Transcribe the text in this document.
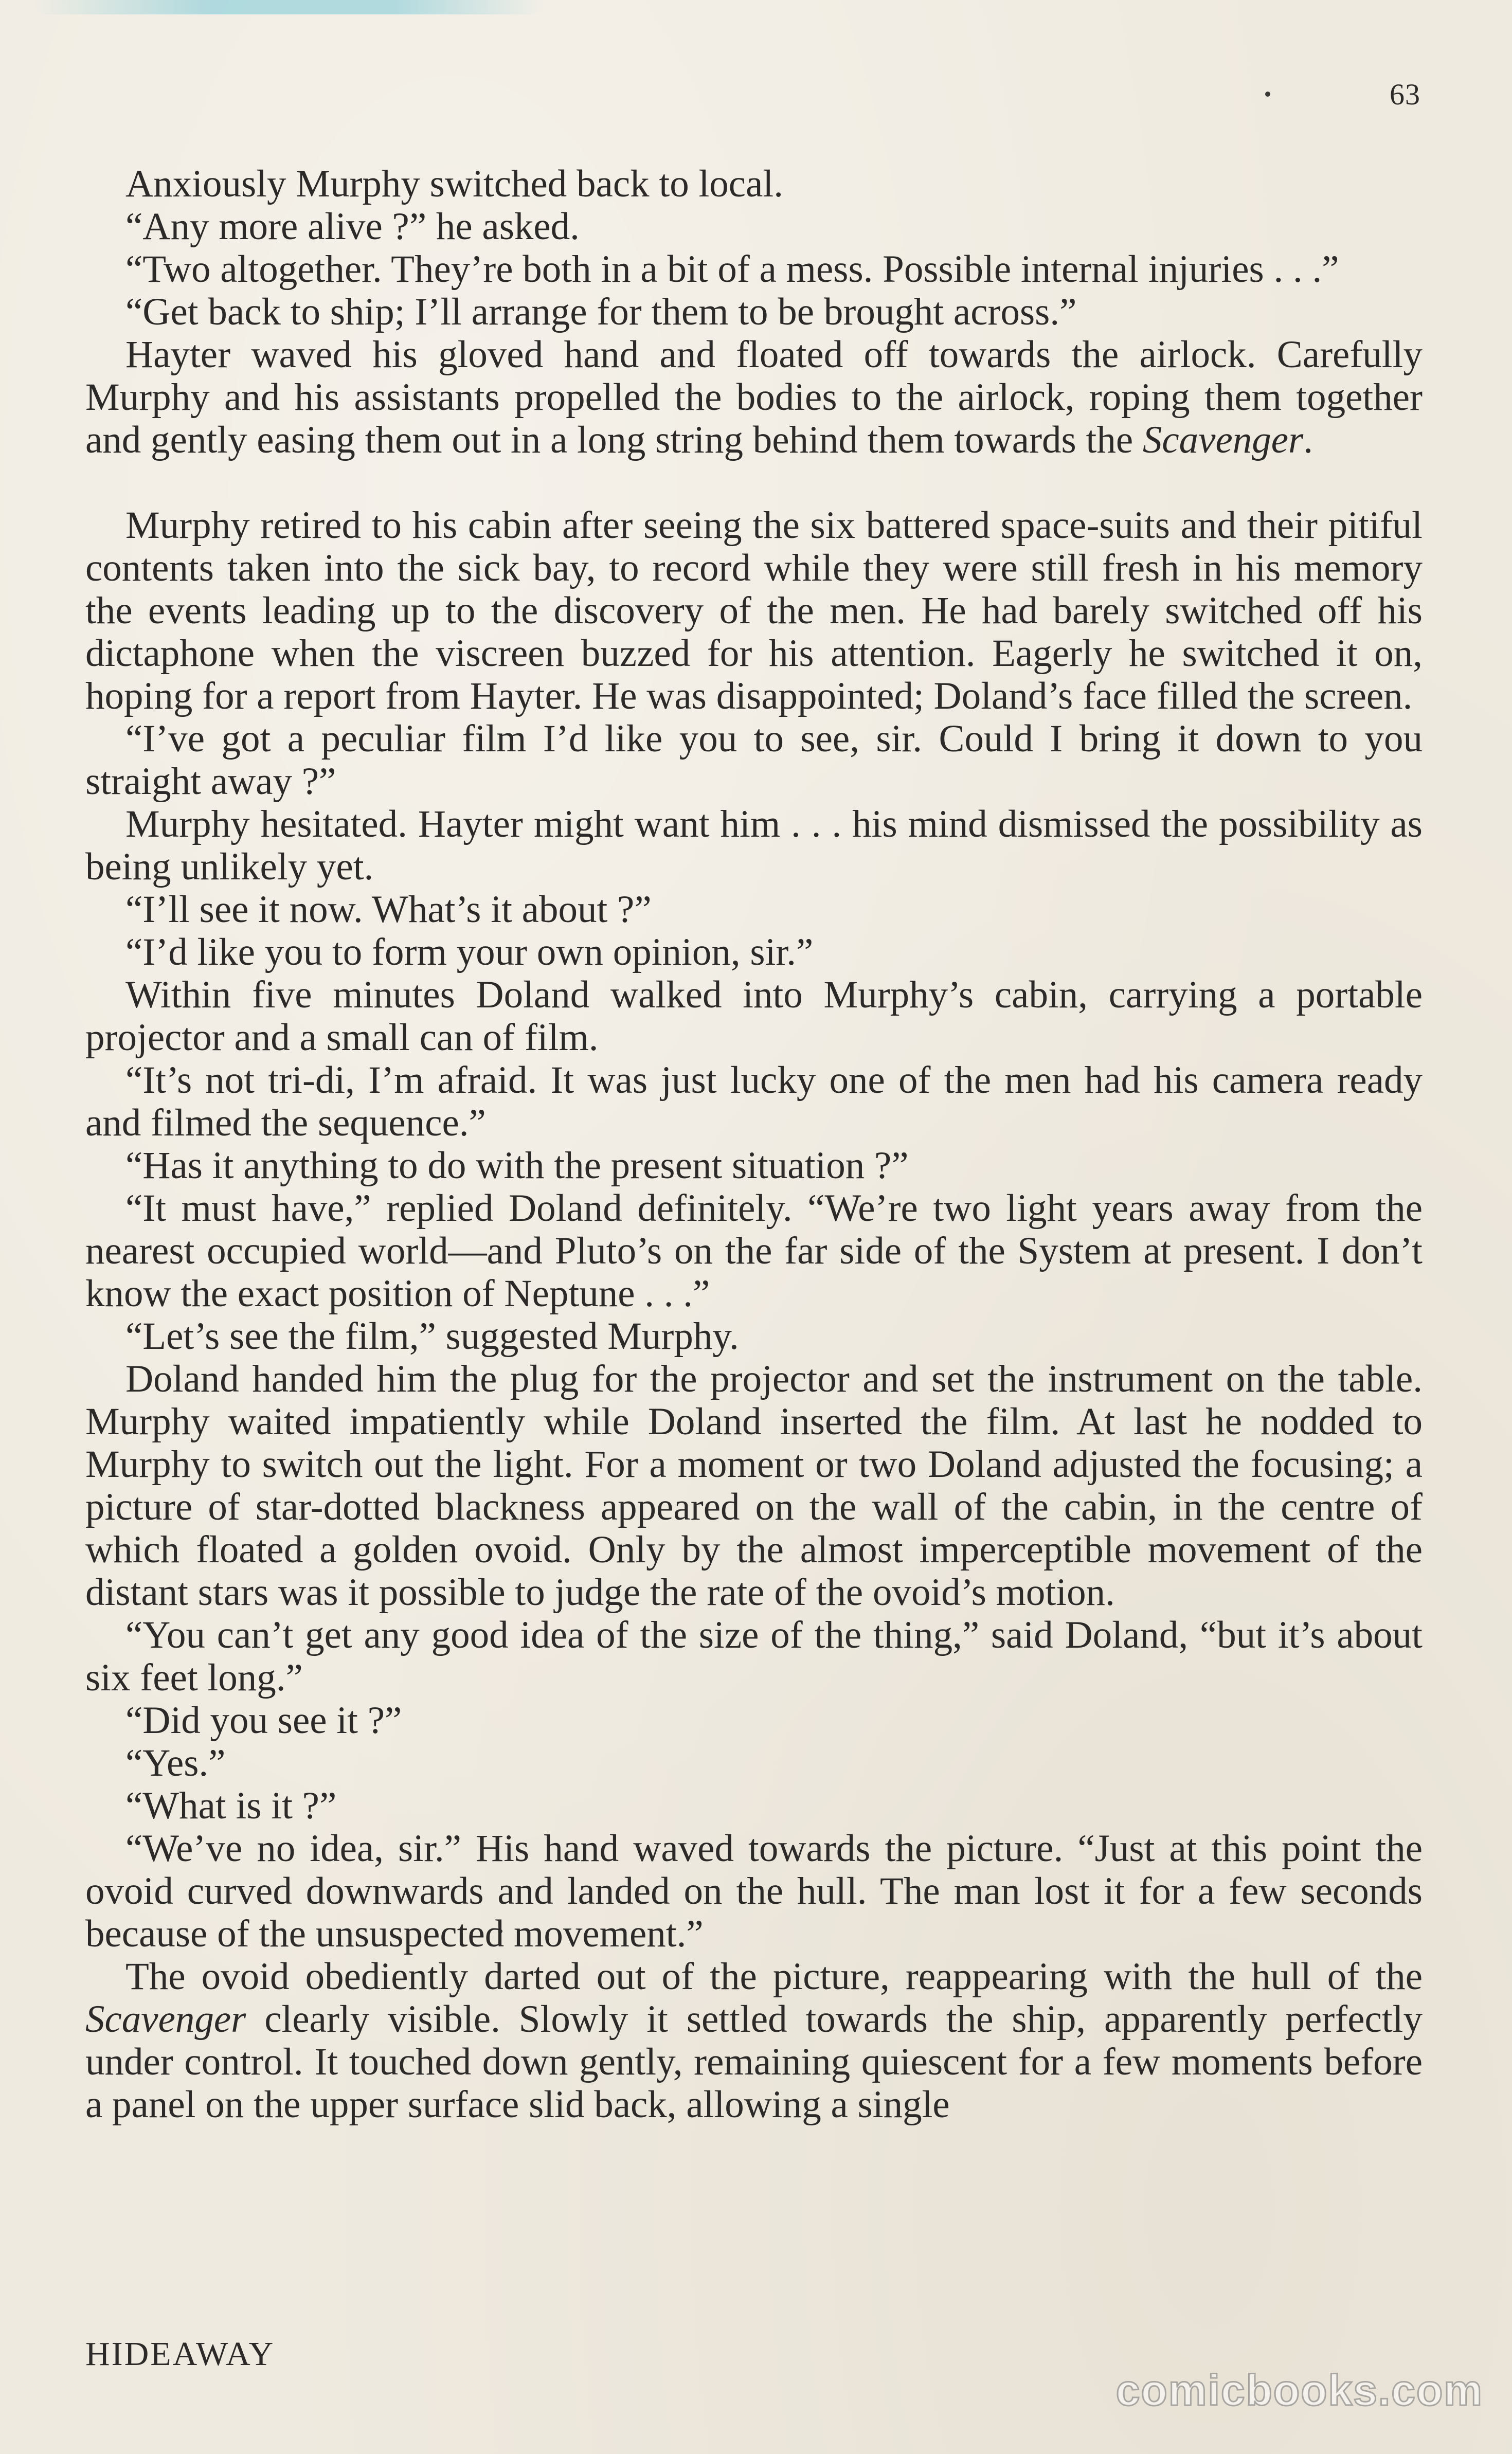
63

Anxiously Murphy switched back to local.

“Any more alive ?” he asked.

“Two altogether. They’re both in a bit of a mess. Possible internal injuries . . .”

“Get back to ship; I’ll arrange for them to be brought across.”

Hayter waved his gloved hand and floated off towards the airlock. Carefully Murphy and his assistants propelled the bodies to the airlock, roping them together and gently easing them out in a long string behind them towards the Scavenger.

Murphy retired to his cabin after seeing the six battered space-suits and their pitiful contents taken into the sick bay, to record while they were still fresh in his memory the events leading up to the discovery of the men. He had barely switched off his dictaphone when the viscreen buzzed for his attention. Eagerly he switched it on, hoping for a report from Hayter. He was disappointed; Doland’s face filled the screen.

“I’ve got a peculiar film I’d like you to see, sir. Could I bring it down to you straight away ?”

Murphy hesitated. Hayter might want him . . . his mind dismissed the possibility as being unlikely yet.

“I’ll see it now. What’s it about ?”

“I’d like you to form your own opinion, sir.”

Within five minutes Doland walked into Murphy’s cabin, carrying a portable projector and a small can of film.

“It’s not tri-di, I’m afraid. It was just lucky one of the men had his camera ready and filmed the sequence.”

“Has it anything to do with the present situation ?”

“It must have,” replied Doland definitely. “We’re two light years away from the nearest occupied world—and Pluto’s on the far side of the System at present. I don’t know the exact position of Neptune . . .”

“Let’s see the film,” suggested Murphy.

Doland handed him the plug for the projector and set the instrument on the table. Murphy waited impatiently while Doland inserted the film. At last he nodded to Murphy to switch out the light. For a moment or two Doland adjusted the focusing; a picture of star-dotted blackness appeared on the wall of the cabin, in the centre of which floated a golden ovoid. Only by the almost imperceptible movement of the distant stars was it possible to judge the rate of the ovoid’s motion.

“You can’t get any good idea of the size of the thing,” said Doland, “but it’s about six feet long.”

“Did you see it ?”

“Yes.”

“What is it ?”

“We’ve no idea, sir.” His hand waved towards the picture. “Just at this point the ovoid curved downwards and landed on the hull. The man lost it for a few seconds because of the unsuspected movement.”

The ovoid obediently darted out of the picture, reappearing with the hull of the Scavenger clearly visible. Slowly it settled towards the ship, apparently perfectly under control. It touched down gently, remaining quiescent for a few moments before a panel on the upper surface slid back, allowing a single

HIDEAWAY
comicbooks.com
